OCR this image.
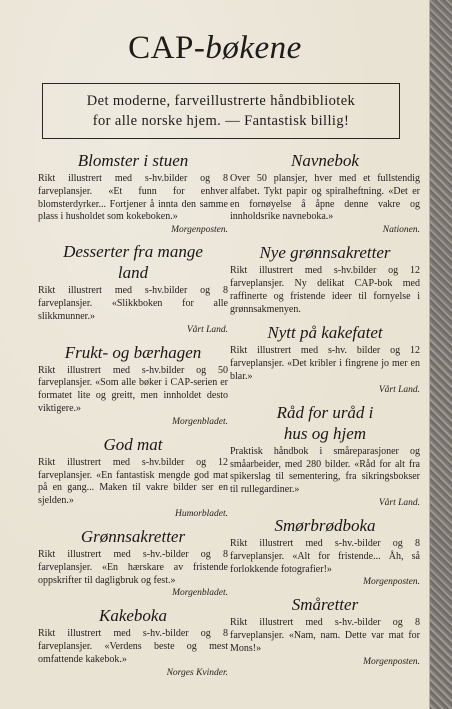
CAP-bøkene
Det moderne, farveillustrerte håndbibliotek
for alle norske hjem. — Fantastisk billig!
Blomster i stuen
Rikt illustrert med s-hv.bilder og 8 farveplansjer. «Et funn for enhver blomsterdyrker... Fortjener å innta den samme plass i husholdet som kokeboken.»
Morgenposten.
Desserter fra mange land
Rikt illustrert med s-hv.bilder og 8 farveplansjer. «Slikkboken for alle slikkmunner.»
Vårt Land.
Frukt- og bærhagen
Rikt illustrert med s-hv.bilder og 50 farveplansjer. «Som alle bøker i CAP-serien er formatet lite og greitt, men innholdet desto viktigere.»
Morgenbladet.
God mat
Rikt illustrert med s-hv.bilder og 12 farveplansjer. «En fantastisk mengde god mat på en gang... Maken til vakre bilder ser en sjelden.»
Humorbladet.
Grønnsakretter
Rikt illustrert med s-hv.-bilder og 8 farveplansjer. «En hærskare av fristende oppskrifter til dagligbruk og fest.»
Morgenbladet.
Kakeboka
Rikt illustrert med s-hv.-bilder og 8 farveplansjer. «Verdens beste og mest omfattende kakebok.»
Norges Kvinder.
Navnebok
Over 50 plansjer, hver med et fullstendig alfabet. Tykt papir og spiralheftning. «Det er en fornøyelse å åpne denne vakre og innholdsrike navneboka.»
Nationen.
Nye grønnsakretter
Rikt illustrert med s-hv.bilder og 12 farveplansjer. Ny delikat CAP-bok med raffinerte og fristende ideer til fornyelse i grønnsakmenyen.
Nytt på kakefatet
Rikt illustrert med s-hv. bilder og 12 farveplansjer. «Det kribler i fingrene jo mer en blar.»
Vårt Land.
Råd for uråd i hus og hjem
Praktisk håndbok i småreparasjoner og småarbeider, med 280 bilder. «Råd for alt fra spikerslag til sementering, fra sikringsbokser til rullegardiner.»
Vårt Land.
Smørbrødboka
Rikt illustrert med s-hv.-bilder og 8 farveplansjer. «Alt for fristende... Åh, så forlokkende fotografier!»
Morgenposten.
Småretter
Rikt illustrert med s-hv.-bilder og 8 farveplansjer. «Nam, nam. Dette var mat for Mons!»
Morgenposten.
